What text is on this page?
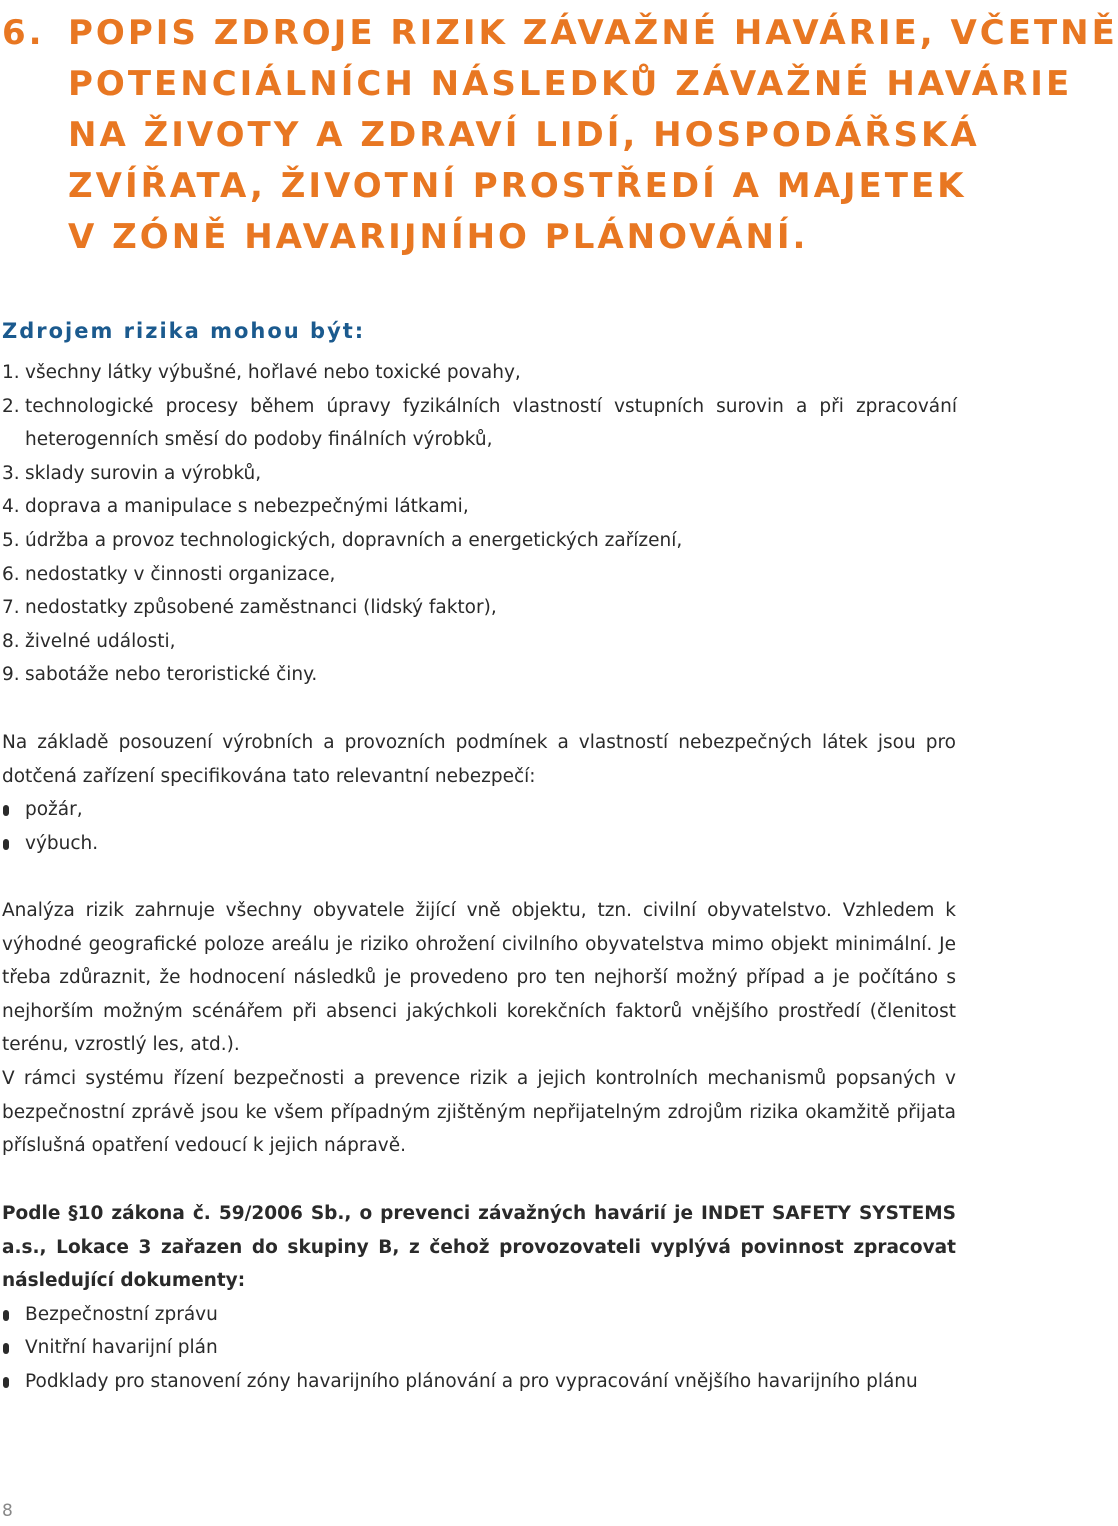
6. POPIS ZDROJE RIZIK ZÁVAŽNÉ HAVÁRIE, VČETNĚ
POTENCIÁLNÍCH NÁSLEDKŮ ZÁVAŽNÉ HAVÁRIE
NA ŽIVOTY A ZDRAVÍ LIDÍ, HOSPODÁŘSKÁ
ZVÍŘATA, ŽIVOTNÍ PROSTŘEDÍ A MAJETEK
V ZÓNĚ HAVARIJNÍHO PLÁNOVÁNÍ.
Zdrojem rizika mohou být:
1. všechny látky výbušné, hořlavé nebo toxické povahy,
2. technologické procesy během úpravy fyzikálních vlastností vstupních surovin a při zpracování heterogenních směsí do podoby finálních výrobků,
3. sklady surovin a výrobků,
4. doprava a manipulace s nebezpečnými látkami,
5. údržba a provoz technologických, dopravních a energetických zařízení,
6. nedostatky v činnosti organizace,
7. nedostatky způsobené zaměstnanci (lidský faktor),
8. živelné události,
9. sabotáže nebo teroristické činy.

Na základě posouzení výrobních a provozních podmínek a vlastností nebezpečných látek jsou pro dotčená zařízení specifikována tato relevantní nebezpečí:

požár,
výbuch.

Analýza rizik zahrnuje všechny obyvatele žijící vně objektu, tzn. civilní obyvatelstvo. Vzhledem k výhodné geografické poloze areálu je riziko ohrožení civilního obyvatelstva mimo objekt minimální. Je třeba zdůraznit, že hodnocení následků je provedeno pro ten nejhorší možný případ a je počítáno s nejhorším možným scénářem při absenci jakýchkoli korekčních faktorů vnějšího prostředí (členitost terénu, vzrostlý les, atd.).

V rámci systému řízení bezpečnosti a prevence rizik a jejich kontrolních mechanismů popsaných v bezpečnostní zprávě jsou ke všem případným zjištěným nepřijatelným zdrojům rizika okamžitě přijata příslušná opatření vedoucí k jejich nápravě.

Podle §10 zákona č. 59/2006 Sb., o prevenci závažných havárií je INDET SAFETY SYSTEMS a.s., Lokace 3 zařazen do skupiny B, z čehož provozovateli vyplývá povinnost zpracovat následující dokumenty:

Bezpečnostní zprávu
Vnitřní havarijní plán
Podklady pro stanovení zóny havarijního plánování a pro vypracování vnějšího havarijního plánu
8
